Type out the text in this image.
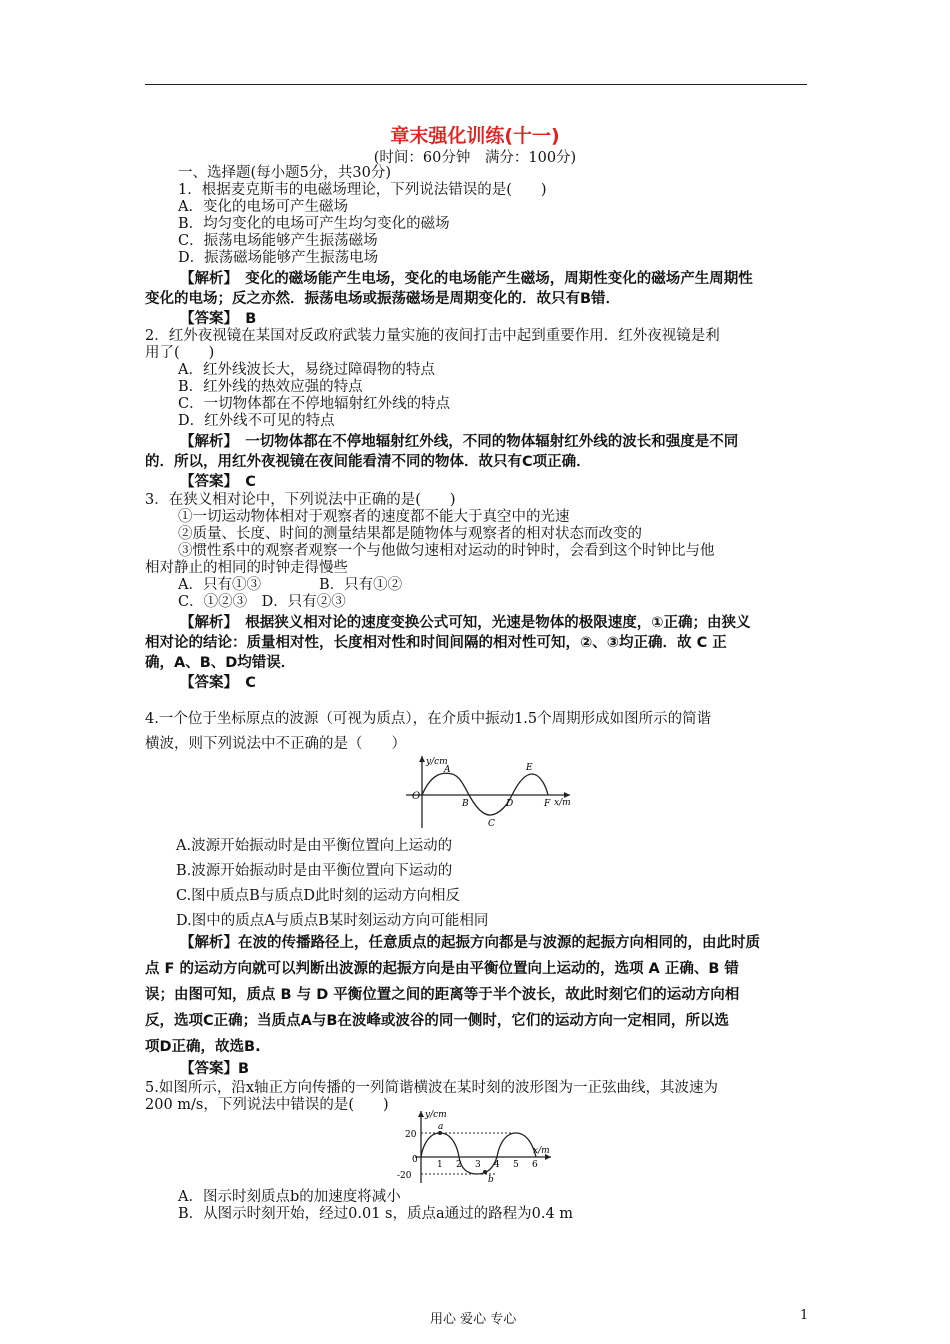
章末强化训练(十一)
(时间：60分钟　满分：100分)
一、选择题(每小题5分，共30分)
1．根据麦克斯韦的电磁场理论，下列说法错误的是(　　)
A．变化的电场可产生磁场
B．均匀变化的电场可产生均匀变化的磁场
C．振荡电场能够产生振荡磁场
D．振荡磁场能够产生振荡电场
【解析】　变化的磁场能产生电场，变化的电场能产生磁场，周期性变化的磁场产生周期性
变化的电场；反之亦然．振荡电场或振荡磁场是周期变化的．故只有B错．
【答案】　B
2．红外夜视镜在某国对反政府武装力量实施的夜间打击中起到重要作用．红外夜视镜是利
用了(　　)
A．红外线波长大，易绕过障碍物的特点
B．红外线的热效应强的特点
C．一切物体都在不停地辐射红外线的特点
D．红外线不可见的特点
【解析】　一切物体都在不停地辐射红外线，不同的物体辐射红外线的波长和强度是不同
的．所以，用红外夜视镜在夜间能看清不同的物体．故只有C项正确．
【答案】　C
3．在狭义相对论中，下列说法中正确的是(　　)
①一切运动物体相对于观察者的速度都不能大于真空中的光速
②质量、长度、时间的测量结果都是随物体与观察者的相对状态而改变的
③惯性系中的观察者观察一个与他做匀速相对运动的时钟时，会看到这个时钟比与他
相对静止的相同的时钟走得慢些
A．只有①③　　　　B．只有①②
C．①②③　D．只有②③
【解析】　根据狭义相对论的速度变换公式可知，光速是物体的极限速度，①正确；由狭义
相对论的结论：质量相对性，长度相对性和时间间隔的相对性可知，②、③均正确．故 C 正
确，A、B、D均错误．
【答案】　C
4.一个位于坐标原点的波源（可视为质点），在介质中振动1.5个周期形成如图所示的简谐
横波，则下列说法中不正确的是（　　）
y/cm
x/m
O
A
B
C
D
E
F
A.波源开始振动时是由平衡位置向上运动的
B.波源开始振动时是由平衡位置向下运动的
C.图中质点B与质点D此时刻的运动方向相反
D.图中的质点A与质点B某时刻运动方向可能相同
【解析】在波的传播路径上，任意质点的起振方向都是与波源的起振方向相同的，由此时质
点 F 的运动方向就可以判断出波源的起振方向是由平衡位置向上运动的，选项 A 正确、B 错
误；由图可知，质点 B 与 D 平衡位置之间的距离等于半个波长，故此时刻它们的运动方向相
反，选项C正确；当质点A与B在波峰或波谷的同一侧时，它们的运动方向一定相同，所以选
项D正确，故选B.
【答案】B
5.如图所示，沿x轴正方向传播的一列简谐横波在某时刻的波形图为一正弦曲线，其波速为
200 m/s，下列说法中错误的是(　　)
y/cm
x/m
0
20
-20
1 2 3 4 5 6
a
b
A．图示时刻质点b的加速度将减小
B．从图示时刻开始，经过0.01 s，质点a通过的路程为0.4 m
用心 爱心 专心	1
